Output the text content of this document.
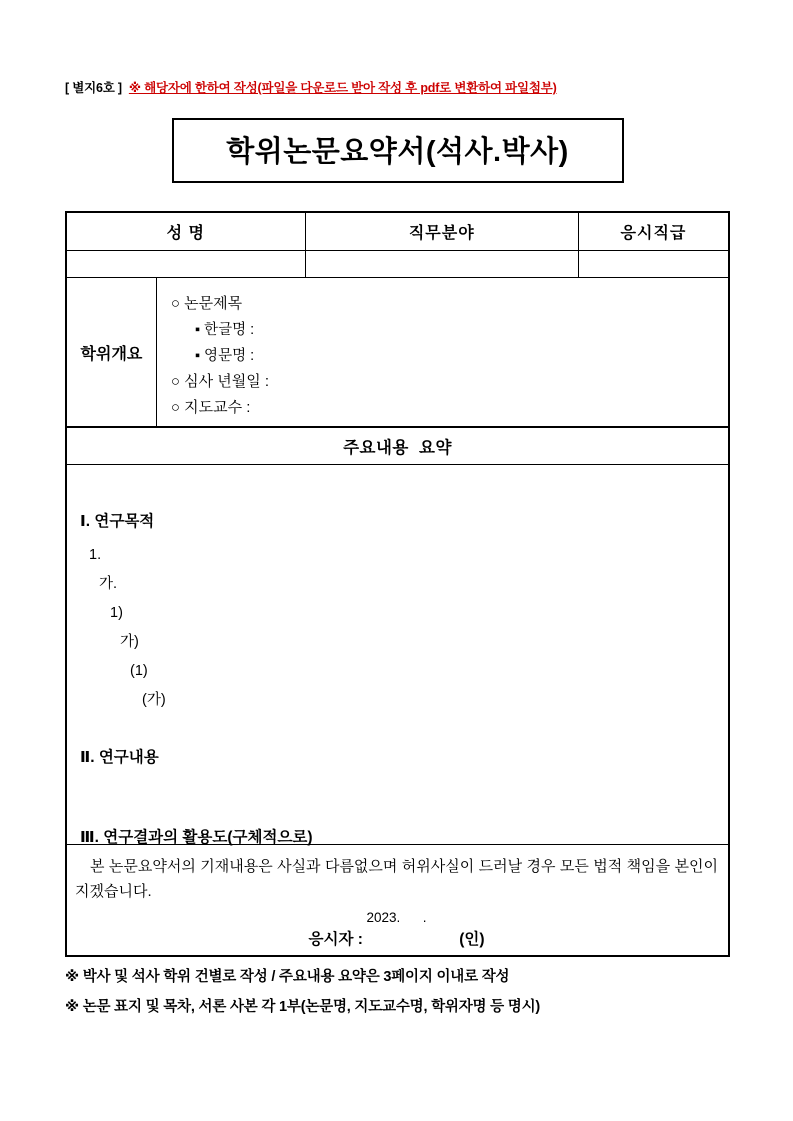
[ 별지6호 ] ※ 해당자에 한하여 작성(파일을 다운로드 받아 작성 후 pdf로 변환하여 파일첨부)
학위논문요약서(석사.박사)
성 명	직무분야	응시직급
학위개요
○ 논문제목
▪ 한글명 :
▪ 영문명 :
○ 심사 년월일 :
○ 지도교수 :
주요내용  요약
Ⅰ. 연구목적
1.
가.
1)
가)
(1)
(가)
Ⅱ. 연구내용
Ⅲ. 연구결과의 활용도(구체적으로)

본 논문요약서의 기재내용은 사실과 다름없으며 허위사실이 드러날 경우 모든 법적 책임을 본인이 지겠습니다.

2023.      .
응시자 :	(인)
※ 박사 및 석사 학위 건별로 작성 / 주요내용 요약은 3페이지 이내로 작성
※ 논문 표지 및 목차, 서론 사본 각 1부(논문명, 지도교수명, 학위자명 등 명시)
